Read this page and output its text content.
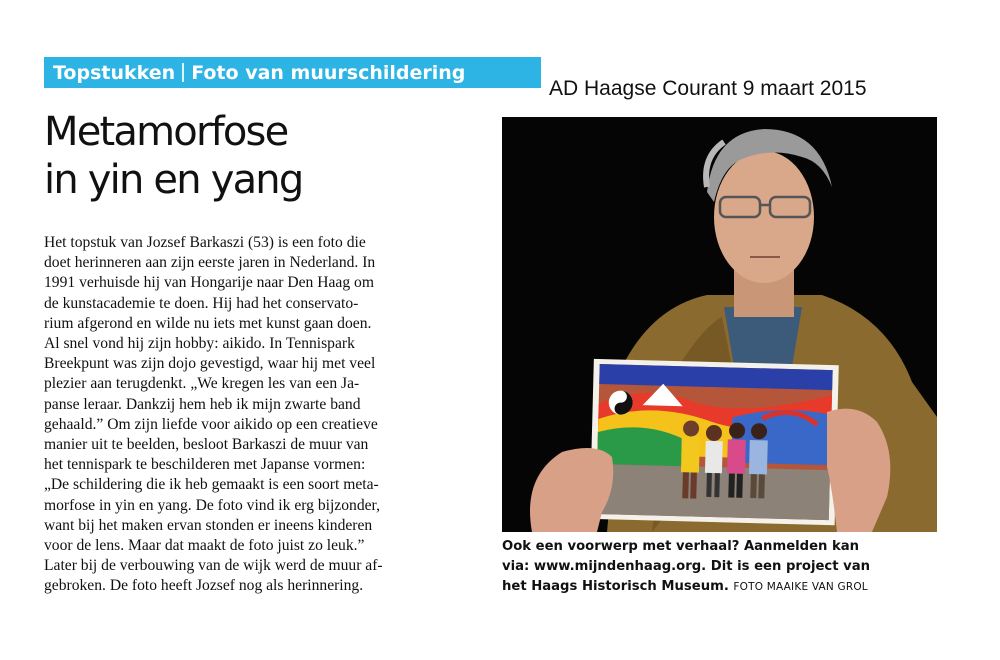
Topstukken Foto van muurschildering
AD Haagse Courant 9 maart 2015
Metamorfose
in yin en yang
Het topstuk van Jozsef Barkaszi (53) is een foto die
doet herinneren aan zijn eerste jaren in Nederland. In
1991 verhuisde hij van Hongarije naar Den Haag om
de kunstacademie te doen. Hij had het conservato-
rium afgerond en wilde nu iets met kunst gaan doen.
Al snel vond hij zijn hobby: aikido. In Tennispark
Breekpunt was zijn dojo gevestigd, waar hij met veel
plezier aan terugdenkt. „We kregen les van een Ja-
panse leraar. Dankzij hem heb ik mijn zwarte band
gehaald.” Om zijn liefde voor aikido op een creatieve
manier uit te beelden, besloot Barkaszi de muur van
het tennispark te beschilderen met Japanse vormen:
„De schildering die ik heb gemaakt is een soort meta-
morfose in yin en yang. De foto vind ik erg bijzonder,
want bij het maken ervan stonden er ineens kinderen
voor de lens. Maar dat maakt de foto juist zo leuk.”
Later bij de verbouwing van de wijk werd de muur af-
gebroken. De foto heeft Jozsef nog als herinnering.
Ook een voorwerp met verhaal? Aanmelden kan
via: www.mijndenhaag.org. Dit is een project van
het Haags Historisch Museum. FOTO MAAIKE VAN GROL
